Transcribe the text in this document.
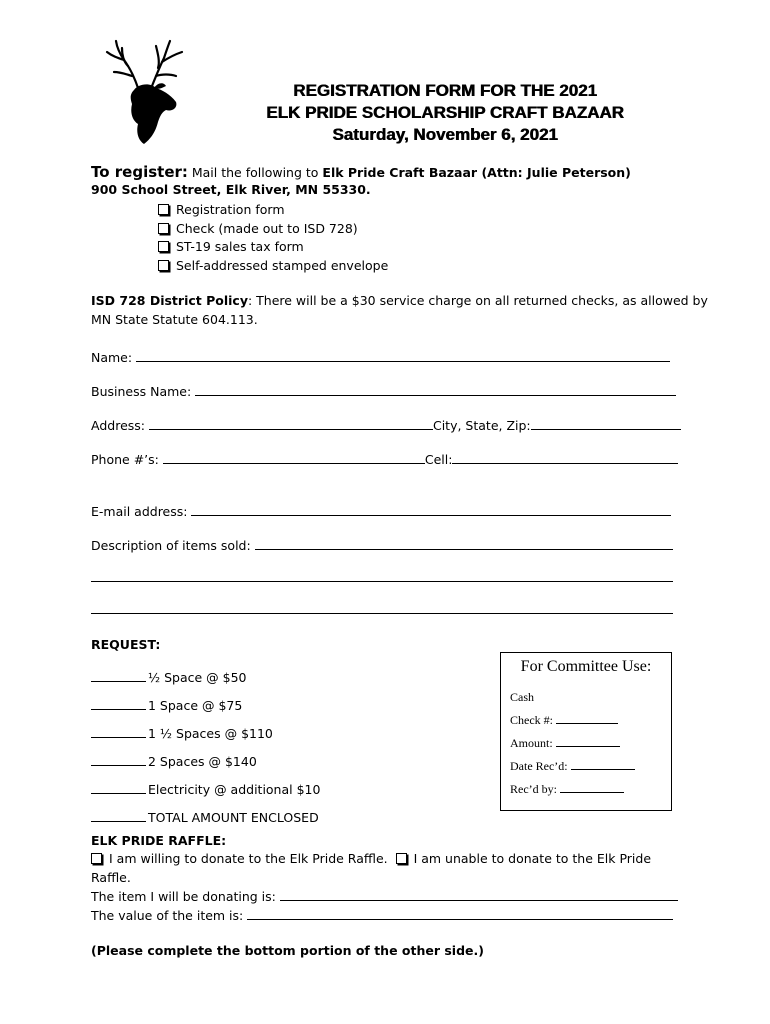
REGISTRATION FORM FOR THE 2021
ELK PRIDE SCHOLARSHIP CRAFT BAZAAR
Saturday, November 6, 2021
To register: Mail the following to Elk Pride Craft Bazaar (Attn: Julie Peterson)
900 School Street, Elk River, MN 55330.
Registration form
Check (made out to ISD 728)
ST-19 sales tax form
Self-addressed stamped envelope
ISD 728 District Policy: There will be a $30 service charge on all returned checks, as allowed by
MN State Statute 604.113.
Name:
Business Name:
Address:	City, State, Zip:
Phone #’s:	Cell:
E-mail address:
Description of items sold:
REQUEST:
½ Space @ $50
1 Space @ $75
1 ½ Spaces @ $110
2 Spaces @ $140
Electricity @ additional $10
TOTAL AMOUNT ENCLOSED
For Committee Use:
Cash
Check #:
Amount:
Date Rec’d:
Rec’d by:
ELK PRIDE RAFFLE:
I am willing to donate to the Elk Pride Raffle. I am unable to donate to the Elk Pride
Raffle.
The item I will be donating is:
The value of the item is:
(Please complete the bottom portion of the other side.)
